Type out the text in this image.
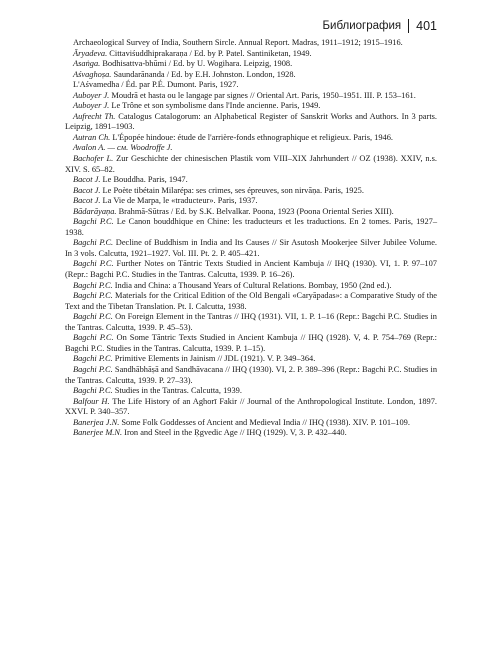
Библиография 401

Archaeological Survey of India, Southern Sircle. Annual Report. Madras, 1911–1912; 1915–1916.

Āryadeva. Cittaviśuddhiprakaraṇa / Ed. by P. Patel. Santiniketan, 1949.

Asaṅga. Bodhisattva-bhūmi / Ed. by U. Wogihara. Leipzig, 1908.

Aśvaghoṣa. Saundarānanda / Ed. by E.H. Johnston. London, 1928.

L'Aśvamedha / Éd. par P.É. Dumont. Paris, 1927.

Auboyer J. Moudrā et hasta ou le langage par signes // Oriental Art. Paris, 1950–1951. III. P. 153–161.

Auboyer J. Le Trône et son symbolisme dans l'Inde ancienne. Paris, 1949.

Aufrecht Th. Catalogus Catalogorum: an Alphabetical Register of Sanskrit Works and Authors. In 3 parts. Leipzig, 1891–1903.

Autran Ch. L'Épopée hindoue: étude de l'arrière-fonds ethnographique et religieux. Paris, 1946.

Avalon A. — см. Woodroffe J.

Bachofer L. Zur Geschichte der chinesischen Plastik vom VIII–XIX Jahrhundert // OZ (1938). XXIV, n.s. XIV. S. 65–82.

Bacot J. Le Bouddha. Paris, 1947.

Bacot J. Le Poète tibétain Milarépa: ses crimes, ses épreuves, son nirvāṇa. Paris, 1925.

Bacot J. La Vie de Marpa, le «traducteur». Paris, 1937.

Bādarāyaṇa. Brahmā-Sūtras / Ed. by S.K. Belvalkar. Poona, 1923 (Poona Oriental Series XIII).

Bagchi P.C. Le Canon bouddhique en Chine: les traducteurs et les traductions. En 2 tomes. Paris, 1927–1938.

Bagchi P.C. Decline of Buddhism in India and Its Causes // Sir Asutosh Mookerjee Silver Jubilee Volume. In 3 vols. Calcutta, 1921–1927. Vol. III. Pt. 2. P. 405–421.

Bagchi P.C. Further Notes on Tāntric Texts Studied in Ancient Kambuja // IHQ (1930). VI, 1. P. 97–107 (Repr.: Bagchi P.C. Studies in the Tantras. Calcutta, 1939. P. 16–26).

Bagchi P.C. India and China: a Thousand Years of Cultural Relations. Bombay, 1950 (2nd ed.).

Bagchi P.C. Materials for the Critical Edition of the Old Bengali «Caryāpadas»: a Comparative Study of the Text and the Tibetan Translation. Pt. I. Calcutta, 1938.

Bagchi P.C. On Foreign Element in the Tantras // IHQ (1931). VII, 1. P. 1–16 (Repr.: Bagchi P.C. Studies in the Tantras. Calcutta, 1939. P. 45–53).

Bagchi P.C. On Some Tāntric Texts Studied in Ancient Kambuja // IHQ (1928). V, 4. P. 754–769 (Repr.: Bagchi P.C. Studies in the Tantras. Calcutta, 1939. P. 1–15).

Bagchi P.C. Primitive Elements in Jainism // JDL (1921). V. P. 349–364.

Bagchi P.C. Sandhābhāṣā and Sandhāvacana // IHQ (1930). VI, 2. P. 389–396 (Repr.: Bagchi P.C. Studies in the Tantras. Calcutta, 1939. P. 27–33).

Bagchi P.C. Studies in the Tantras. Calcutta, 1939.

Balfour H. The Life History of an Aghorī Fakir // Journal of the Anthropological Institute. London, 1897. XXVI. P. 340–357.

Banerjea J.N. Some Folk Goddesses of Ancient and Medieval India // IHQ (1938). XIV. P. 101–109.

Banerjee M.N. Iron and Steel in the Ṛgvedic Age // IHQ (1929). V, 3. P. 432–440.
